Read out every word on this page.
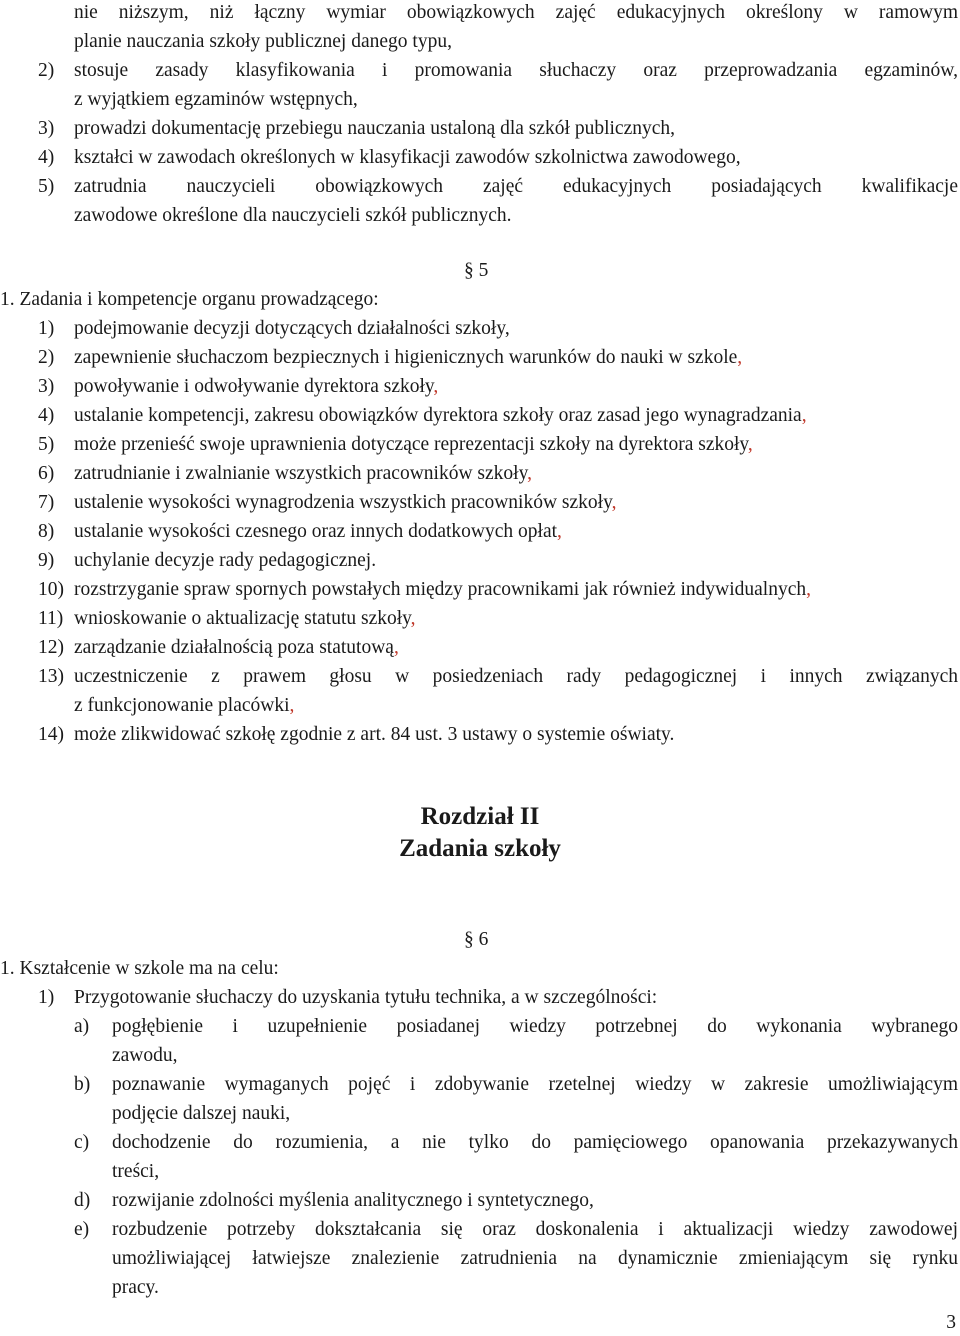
nie niższym, niż łączny wymiar obowiązkowych zajęć edukacyjnych określony w ramowym
planie nauczania szkoły publicznej danego typu,
2) stosuje zasady klasyfikowania i promowania słuchaczy oraz przeprowadzania egzaminów,
z wyjątkiem egzaminów wstępnych,
3) prowadzi dokumentację przebiegu nauczania ustaloną dla szkół publicznych,
4) kształci w zawodach określonych w klasyfikacji zawodów szkolnictwa zawodowego,
5) zatrudnia nauczycieli obowiązkowych zajęć edukacyjnych posiadających kwalifikacje
zawodowe określone dla nauczycieli szkół publicznych.
§ 5
1. Zadania i kompetencje organu prowadzącego:
1) podejmowanie decyzji dotyczących działalności szkoły,
2) zapewnienie słuchaczom bezpiecznych i higienicznych warunków do nauki w szkole,
3) powoływanie i odwoływanie dyrektora szkoły,
4) ustalanie kompetencji, zakresu obowiązków dyrektora szkoły oraz zasad jego wynagradzania,
5) może przenieść swoje uprawnienia dotyczące reprezentacji szkoły na dyrektora szkoły,
6) zatrudnianie i zwalnianie wszystkich pracowników szkoły,
7) ustalenie wysokości wynagrodzenia wszystkich pracowników szkoły,
8) ustalanie wysokości czesnego oraz innych dodatkowych opłat,
9) uchylanie decyzje rady pedagogicznej.
10) rozstrzyganie spraw spornych powstałych między pracownikami jak również indywidualnych,
11) wnioskowanie o aktualizację statutu szkoły,
12) zarządzanie działalnością poza statutową,
13) uczestniczenie z prawem głosu w posiedzeniach rady pedagogicznej i innych związanych
z funkcjonowanie placówki,
14) może zlikwidować szkołę zgodnie z art. 84 ust. 3 ustawy o systemie oświaty.
Rozdział II
Zadania szkoły
§ 6
1. Kształcenie w szkole ma na celu:
1) Przygotowanie słuchaczy do uzyskania tytułu technika, a w szczególności:
a) pogłębienie i uzupełnienie posiadanej wiedzy potrzebnej do wykonania wybranego
zawodu,
b) poznawanie wymaganych pojęć i zdobywanie rzetelnej wiedzy w zakresie umożliwiającym
podjęcie dalszej nauki,
c) dochodzenie do rozumienia, a nie tylko do pamięciowego opanowania przekazywanych
treści,
d) rozwijanie zdolności myślenia analitycznego i syntetycznego,
e) rozbudzenie potrzeby dokształcania się oraz doskonalenia i aktualizacji wiedzy zawodowej
umożliwiającej łatwiejsze znalezienie zatrudnienia na dynamicznie zmieniającym się rynku
pracy.
3
